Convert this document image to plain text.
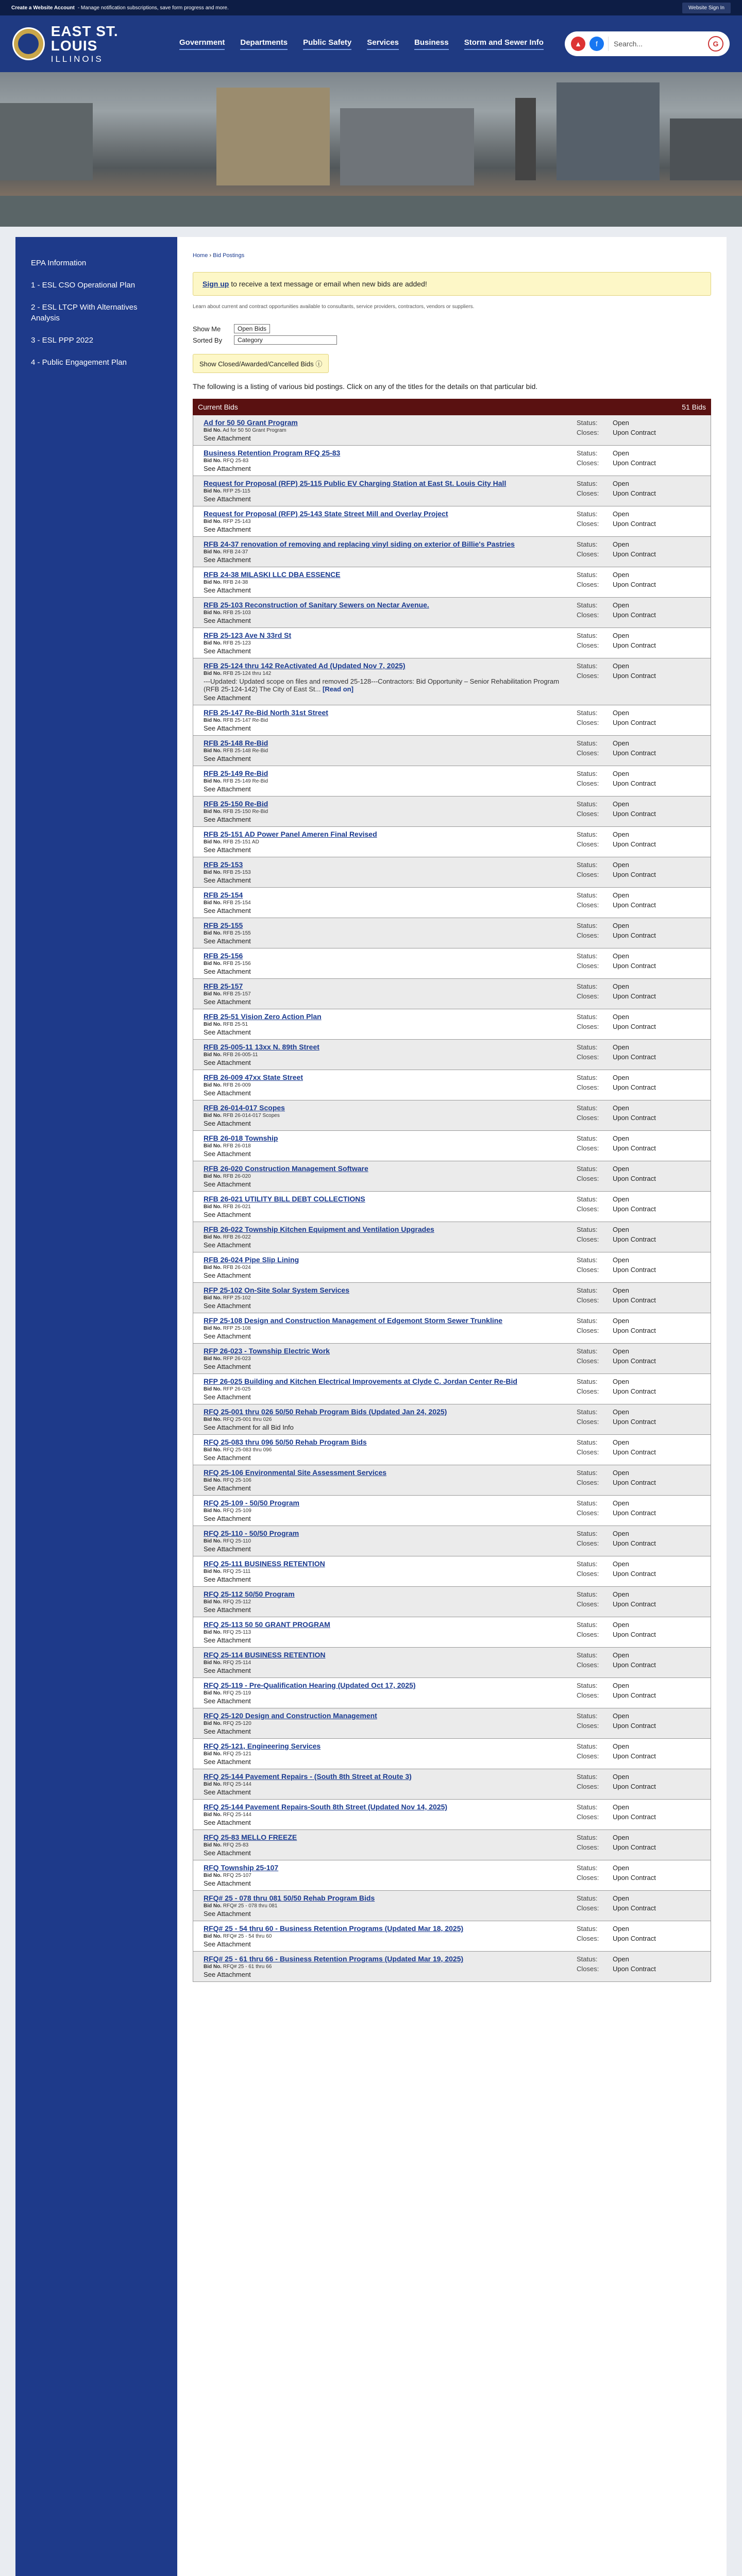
Create a Website Account - Manage notification subscriptions, save form progress and more.	Website Sign In
EAST ST. LOUIS
ILLINOIS
Government Departments Public Safety Services Business Storm and Sewer Info	▲	f	Search...	G
EPA Information
1 - ESL CSO Operational Plan
2 - ESL LTCP With Alternatives Analysis
3 - ESL PPP 2022
4 - Public Engagement Plan
Home › Bid Postings
Sign up to receive a text message or email when new bids are added!
Learn about current and contract opportunities available to consultants, service providers, contractors, vendors or suppliers.
Show Me	Open Bids
Sorted By	Category
Show Closed/Awarded/Cancelled Bids ⓘ
The following is a listing of various bid postings. Click on any of the titles for the details on that particular bid.
Current Bids	51 Bids
Ad for 50 50 Grant Program
Bid No. Ad for 50 50 Grant Program
See Attachment
Status: Open
Closes: Upon Contract
Business Retention Program RFQ 25-83
Bid No. RFQ 25-83
See Attachment
Status: Open
Closes: Upon Contract
Request for Proposal (RFP) 25-115 Public EV Charging Station at East St. Louis City Hall
Bid No. RFP 25-115
See Attachment
Status: Open
Closes: Upon Contract
Request for Proposal (RFP) 25-143 State Street Mill and Overlay Project
Bid No. RFP 25-143
See Attachment
Status: Open
Closes: Upon Contract
RFB 24-37 renovation of removing and replacing vinyl siding on exterior of Billie's Pastries
Bid No. RFB 24-37
See Attachment
Status: Open
Closes: Upon Contract
RFB 24-38 MILASKI LLC DBA ESSENCE
Bid No. RFB 24-38
See Attachment
Status: Open
Closes: Upon Contract
RFB 25-103 Reconstruction of Sanitary Sewers on Nectar Avenue.
Bid No. RFB 25-103
See Attachment
Status: Open
Closes: Upon Contract
RFB 25-123 Ave N 33rd St
Bid No. RFB 25-123
See Attachment
Status: Open
Closes: Upon Contract
RFB 25-124 thru 142 ReActivated Ad (Updated Nov 7, 2025)
Bid No. RFB 25-124 thru 142
---Updated: Updated scope on files and removed 25-128---Contractors: Bid Opportunity – Senior Rehabilitation Program (RFB 25-124-142) The City of East St... [Read on]
See Attachment
Status: Open
Closes: Upon Contract
RFB 25-147 Re-Bid North 31st Street
Bid No. RFB 25-147 Re-Bid
See Attachment
Status: Open
Closes: Upon Contract
RFB 25-148 Re-Bid
Bid No. RFB 25-148 Re-Bid
See Attachment
Status: Open
Closes: Upon Contract
RFB 25-149 Re-Bid
Bid No. RFB 25-149 Re-Bid
See Attachment
Status: Open
Closes: Upon Contract
RFB 25-150 Re-Bid
Bid No. RFB 25-150 Re-Bid
See Attachment
Status: Open
Closes: Upon Contract
RFB 25-151 AD Power Panel Ameren Final Revised
Bid No. RFB 25-151 AD
See Attachment
Status: Open
Closes: Upon Contract
RFB 25-153
Bid No. RFB 25-153
See Attachment
Status: Open
Closes: Upon Contract
RFB 25-154
Bid No. RFB 25-154
See Attachment
Status: Open
Closes: Upon Contract
RFB 25-155
Bid No. RFB 25-155
See Attachment
Status: Open
Closes: Upon Contract
RFB 25-156
Bid No. RFB 25-156
See Attachment
Status: Open
Closes: Upon Contract
RFB 25-157
Bid No. RFB 25-157
See Attachment
Status: Open
Closes: Upon Contract
RFB 25-51 Vision Zero Action Plan
Bid No. RFB 25-51
See Attachment
Status: Open
Closes: Upon Contract
RFB 25-005-11 13xx N. 89th Street
Bid No. RFB 26-005-11
See Attachment
Status: Open
Closes: Upon Contract
RFB 26-009 47xx State Street
Bid No. RFB 26-009
See Attachment
Status: Open
Closes: Upon Contract
RFB 26-014-017 Scopes
Bid No. RFB 26-014-017 Scopes
See Attachment
Status: Open
Closes: Upon Contract
RFB 26-018 Township
Bid No. RFB 26-018
See Attachment
Status: Open
Closes: Upon Contract
RFB 26-020 Construction Management Software
Bid No. RFB 26-020
See Attachment
Status: Open
Closes: Upon Contract
RFB 26-021 UTILITY BILL DEBT COLLECTIONS
Bid No. RFB 26-021
See Attachment
Status: Open
Closes: Upon Contract
RFB 26-022 Township Kitchen Equipment and Ventilation Upgrades
Bid No. RFB 26-022
See Attachment
Status: Open
Closes: Upon Contract
RFB 26-024 Pipe Slip Lining
Bid No. RFB 26-024
See Attachment
Status: Open
Closes: Upon Contract
RFP 25-102 On-Site Solar System Services
Bid No. RFP 25-102
See Attachment
Status: Open
Closes: Upon Contract
RFP 25-108 Design and Construction Management of Edgemont Storm Sewer Trunkline
Bid No. RFP 25-108
See Attachment
Status: Open
Closes: Upon Contract
RFP 26-023 - Township Electric Work
Bid No. RFP 26-023
See Attachment
Status: Open
Closes: Upon Contract
RFP 26-025 Building and Kitchen Electrical Improvements at Clyde C. Jordan Center Re-Bid
Bid No. RFP 26-025
See Attachment
Status: Open
Closes: Upon Contract
RFQ 25-001 thru 026 50/50 Rehab Program Bids (Updated Jan 24, 2025)
Bid No. RFQ 25-001 thru 026
See Attachment for all Bid Info
Status: Open
Closes: Upon Contract
RFQ 25-083 thru 096 50/50 Rehab Program Bids
Bid No. RFQ 25-083 thru 096
See Attachment
Status: Open
Closes: Upon Contract
RFQ 25-106 Environmental Site Assessment Services
Bid No. RFQ 25-106
See Attachment
Status: Open
Closes: Upon Contract
RFQ 25-109 - 50/50 Program
Bid No. RFQ 25-109
See Attachment
Status: Open
Closes: Upon Contract
RFQ 25-110 - 50/50 Program
Bid No. RFQ 25-110
See Attachment
Status: Open
Closes: Upon Contract
RFQ 25-111 BUSINESS RETENTION
Bid No. RFQ 25-111
See Attachment
Status: Open
Closes: Upon Contract
RFQ 25-112 50/50 Program
Bid No. RFQ 25-112
See Attachment
Status: Open
Closes: Upon Contract
RFQ 25-113 50 50 GRANT PROGRAM
Bid No. RFQ 25-113
See Attachment
Status: Open
Closes: Upon Contract
RFQ 25-114 BUSINESS RETENTION
Bid No. RFQ 25-114
See Attachment
Status: Open
Closes: Upon Contract
RFQ 25-119 - Pre-Qualification Hearing (Updated Oct 17, 2025)
Bid No. RFQ 25-119
See Attachment
Status: Open
Closes: Upon Contract
RFQ 25-120 Design and Construction Management
Bid No. RFQ 25-120
See Attachment
Status: Open
Closes: Upon Contract
RFQ 25-121, Engineering Services
Bid No. RFQ 25-121
See Attachment
Status: Open
Closes: Upon Contract
RFQ 25-144 Pavement Repairs - (South 8th Street at Route 3)
Bid No. RFQ 25-144
See Attachment
Status: Open
Closes: Upon Contract
RFQ 25-144 Pavement Repairs-South 8th Street (Updated Nov 14, 2025)
Bid No. RFQ 25-144
See Attachment
Status: Open
Closes: Upon Contract
RFQ 25-83 MELLO FREEZE
Bid No. RFQ 25-83
See Attachment
Status: Open
Closes: Upon Contract
RFQ Township 25-107
Bid No. RFQ 25-107
See Attachment
Status: Open
Closes: Upon Contract
RFQ# 25 - 078 thru 081 50/50 Rehab Program Bids
Bid No. RFQ# 25 - 078 thru 081
See Attachment
Status: Open
Closes: Upon Contract
RFQ# 25 - 54 thru 60 - Business Retention Programs (Updated Mar 18, 2025)
Bid No. RFQ# 25 - 54 thru 60
See Attachment
Status: Open
Closes: Upon Contract
RFQ# 25 - 61 thru 66 - Business Retention Programs (Updated Mar 19, 2025)
Bid No. RFQ# 25 - 61 thru 66
See Attachment
Status: Open
Closes: Upon Contract
